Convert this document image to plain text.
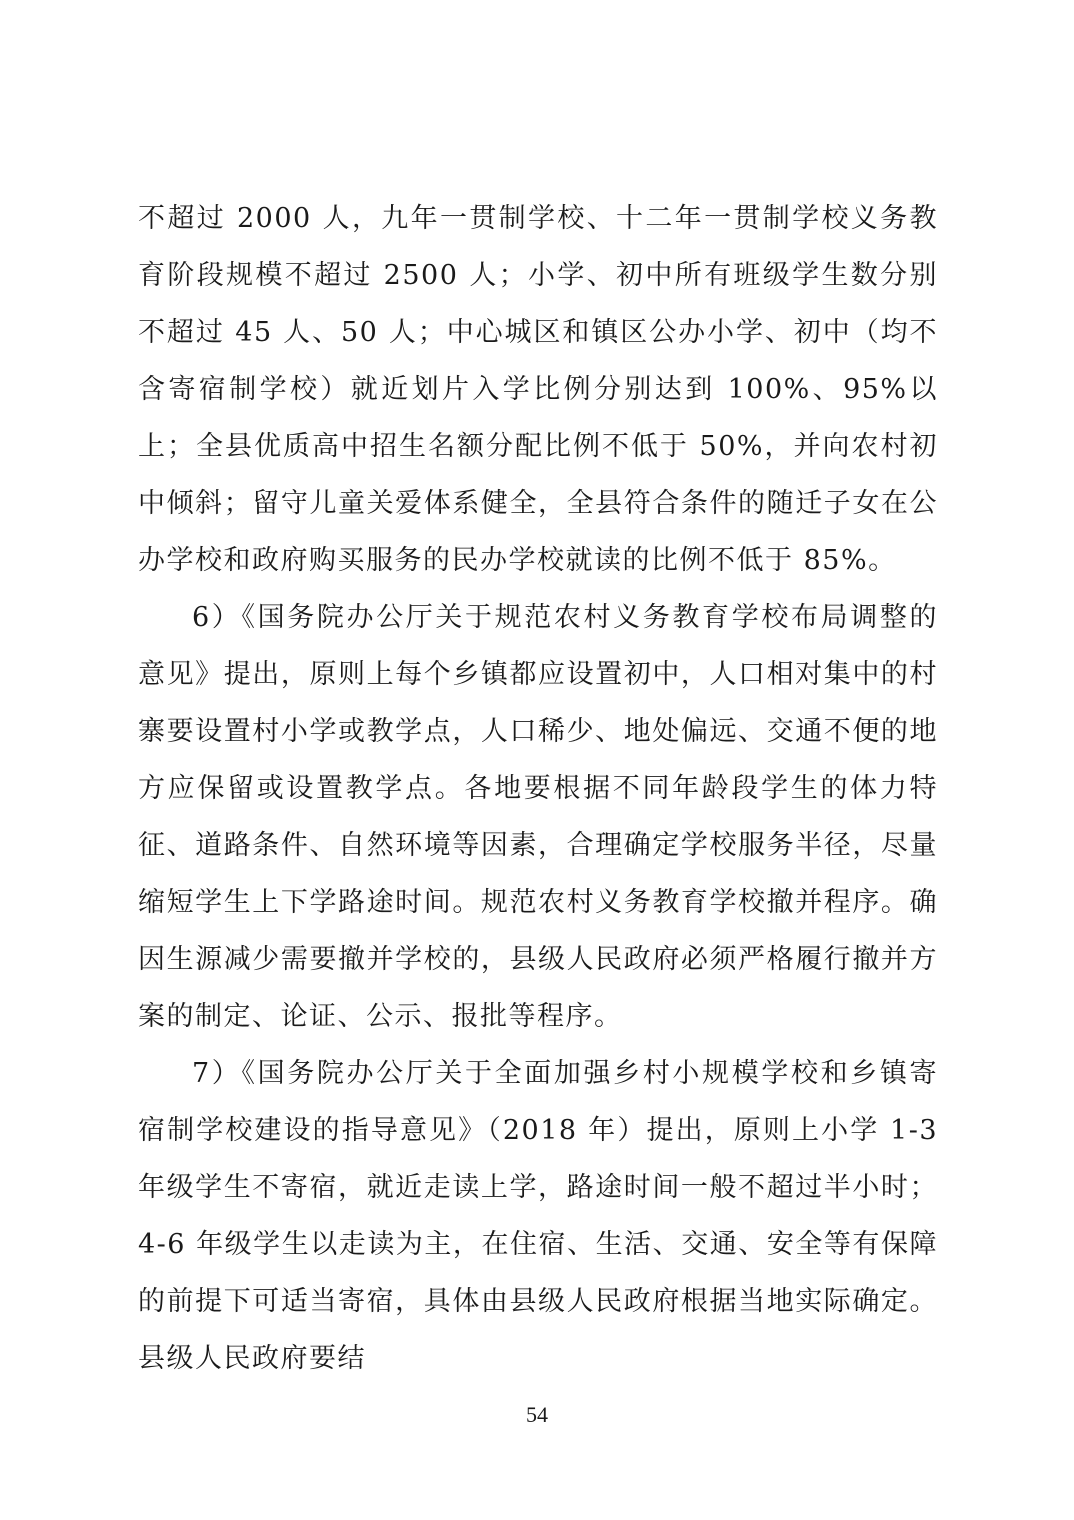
不超过 2000 人，九年一贯制学校、十二年一贯制学校义务教育阶段规模不超过 2500 人；小学、初中所有班级学生数分别不超过 45 人、50 人；中心城区和镇区公办小学、初中（均不含寄宿制学校）就近划片入学比例分别达到 100%、95%以上；全县优质高中招生名额分配比例不低于 50%，并向农村初中倾斜；留守儿童关爱体系健全，全县符合条件的随迁子女在公办学校和政府购买服务的民办学校就读的比例不低于 85%。

6）《国务院办公厅关于规范农村义务教育学校布局调整的意见》提出，原则上每个乡镇都应设置初中，人口相对集中的村寨要设置村小学或教学点，人口稀少、地处偏远、交通不便的地方应保留或设置教学点。各地要根据不同年龄段学生的体力特征、道路条件、自然环境等因素，合理确定学校服务半径，尽量缩短学生上下学路途时间。规范农村义务教育学校撤并程序。确因生源减少需要撤并学校的，县级人民政府必须严格履行撤并方案的制定、论证、公示、报批等程序。

7）《国务院办公厅关于全面加强乡村小规模学校和乡镇寄宿制学校建设的指导意见》（2018 年）提出，原则上小学 1-3 年级学生不寄宿，就近走读上学，路途时间一般不超过半小时；4-6 年级学生以走读为主，在住宿、生活、交通、安全等有保障的前提下可适当寄宿，具体由县级人民政府根据当地实际确定。县级人民政府要结

54
